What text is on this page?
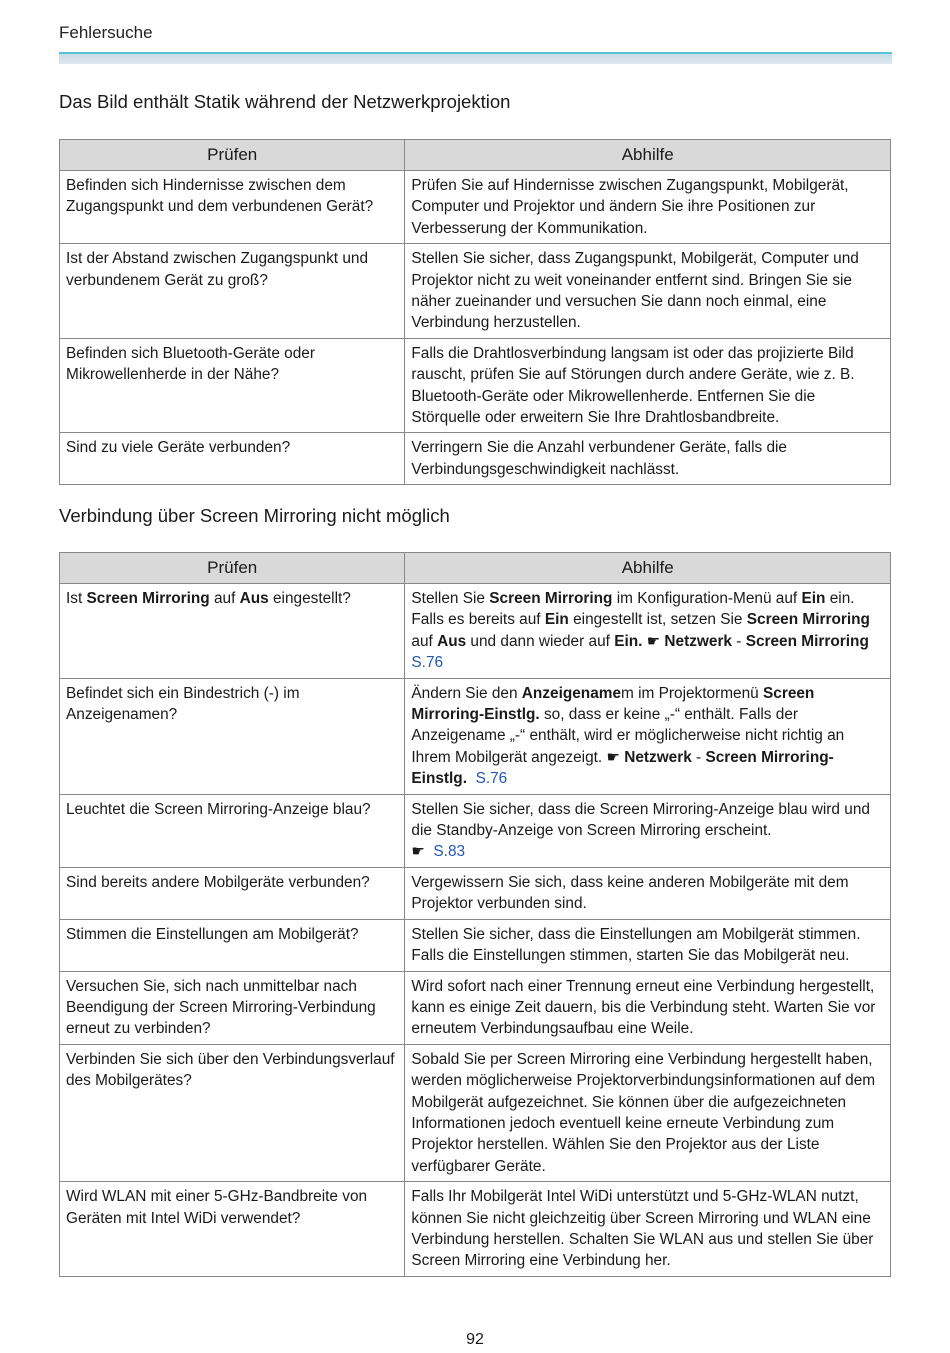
Fehlersuche
Das Bild enthält Statik während der Netzwerkprojektion
Prüfen	Abhilfe
Befinden sich Hindernisse zwischen dem Zugangspunkt und dem verbundenen Gerät?	Prüfen Sie auf Hindernisse zwischen Zugangspunkt, Mobilgerät, Computer und Projektor und ändern Sie ihre Positionen zur Verbesserung der Kommunikation.
Ist der Abstand zwischen Zugangspunkt und verbundenem Gerät zu groß?	Stellen Sie sicher, dass Zugangspunkt, Mobilgerät, Computer und Projektor nicht zu weit voneinander entfernt sind. Bringen Sie sie näher zueinander und versuchen Sie dann noch einmal, eine Verbindung herzustellen.
Befinden sich Bluetooth-Geräte oder Mikrowellenherde in der Nähe?	Falls die Drahtlosverbindung langsam ist oder das projizierte Bild rauscht, prüfen Sie auf Störungen durch andere Geräte, wie z. B. Bluetooth-Geräte oder Mikrowellenherde. Entfernen Sie die Störquelle oder erweitern Sie Ihre Drahtlosbandbreite.
Sind zu viele Geräte verbunden?	Verringern Sie die Anzahl verbundener Geräte, falls die Verbindungsgeschwindigkeit nachlässt.
Verbindung über Screen Mirroring nicht möglich
Prüfen	Abhilfe
Ist Screen Mirroring auf Aus eingestellt?	Stellen Sie Screen Mirroring im Konfiguration-Menü auf Ein ein. Falls es bereits auf Ein eingestellt ist, setzen Sie Screen Mirroring auf Aus und dann wieder auf Ein. ☛ Netzwerk - Screen Mirroring  S.76
Befindet sich ein Bindestrich (-) im Anzeigenamen?	Ändern Sie den Anzeigenamem im Projektormenü Screen Mirroring-Einstlg. so, dass er keine „-“ enthält. Falls der Anzeigename „-“ enthält, wird er möglicherweise nicht richtig an Ihrem Mobilgerät angezeigt. ☛ Netzwerk - Screen Mirroring-Einstlg. S.76
Leuchtet die Screen Mirroring-Anzeige blau?	Stellen Sie sicher, dass die Screen Mirroring-Anzeige blau wird und die Standby-Anzeige von Screen Mirroring erscheint.
☛ S.83
Sind bereits andere Mobilgeräte verbunden?	Vergewissern Sie sich, dass keine anderen Mobilgeräte mit dem Projektor verbunden sind.
Stimmen die Einstellungen am Mobilgerät?	Stellen Sie sicher, dass die Einstellungen am Mobilgerät stimmen. Falls die Einstellungen stimmen, starten Sie das Mobilgerät neu.
Versuchen Sie, sich nach unmittelbar nach Beendigung der Screen Mirroring-Verbindung erneut zu verbinden?	Wird sofort nach einer Trennung erneut eine Verbindung hergestellt, kann es einige Zeit dauern, bis die Verbindung steht. Warten Sie vor erneutem Verbindungsaufbau eine Weile.
Verbinden Sie sich über den Verbindungsverlauf des Mobilgerätes?	Sobald Sie per Screen Mirroring eine Verbindung hergestellt haben, werden möglicherweise Projektorverbindungsinformationen auf dem Mobilgerät aufgezeichnet. Sie können über die aufgezeichneten Informationen jedoch eventuell keine erneute Verbindung zum Projektor herstellen. Wählen Sie den Projektor aus der Liste verfügbarer Geräte.
Wird WLAN mit einer 5-GHz-Bandbreite von Geräten mit Intel WiDi verwendet?	Falls Ihr Mobilgerät Intel WiDi unterstützt und 5-GHz-WLAN nutzt, können Sie nicht gleichzeitig über Screen Mirroring und WLAN eine Verbindung herstellen. Schalten Sie WLAN aus und stellen Sie über Screen Mirroring eine Verbindung her.
92
